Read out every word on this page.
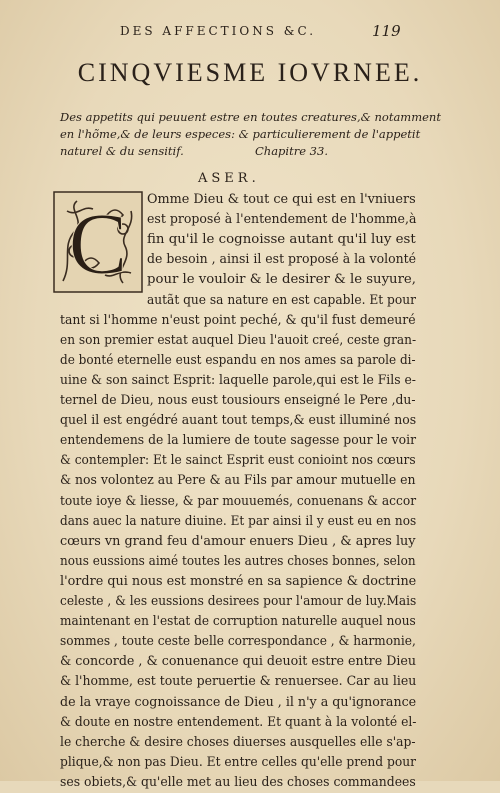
DES AFFECTIONS &C.	119
CINQVIESME IOVRNEE.
Des appetits qui peuuent estre en toutes creatures,& notamment
en l'hõme,& de leurs especes: & particulierement de l'appetit
naturel & du sensitif.	Chapitre 33.
ASER.
C Omme Dieu & tout ce qui est en l'vniuers
est proposé à l'entendement de l'homme,à
fin qu'il le cognoisse autant qu'il luy est
de besoin , ainsi il est proposé à la volonté
pour le vouloir & le desirer & le suyure,
autãt que sa nature en est capable. Et pour
tant si l'homme n'eust point peché, & qu'il fust demeuré
en son premier estat auquel Dieu l'auoit creé, ceste gran-
de bonté eternelle eust espandu en nos ames sa parole di-
uine & son sainct Esprit: laquelle parole,qui est le Fils e-
ternel de Dieu, nous eust tousiours enseigné le Pere ,du-
quel il est engédré auant tout temps,& eust illuminé nos
entendemens de la lumiere de toute sagesse pour le voir
& contempler: Et le sainct Esprit eust conioint nos cœurs
& nos volontez au Pere & au Fils par amour mutuelle en
toute ioye & liesse, & par mouuemés, conuenans & accor
dans auec la nature diuine. Et par ainsi il y eust eu en nos
cœurs vn grand feu d'amour enuers Dieu , & apres luy
nous eussions aimé toutes les autres choses bonnes, selon
l'ordre qui nous est monstré en sa sapience & doctrine
celeste , & les eussions desirees pour l'amour de luy.Mais
maintenant en l'estat de corruption naturelle auquel nous
sommes , toute ceste belle correspondance , & harmonie,
& concorde , & conuenance qui deuoit estre entre Dieu
& l'homme, est toute peruertie & renuersee. Car au lieu
de la vraye cognoissance de Dieu , il n'y a qu'ignorance
& doute en nostre entendement. Et quant à la volonté el-
le cherche & desire choses diuerses ausquelles elle s'ap-
plique,& non pas Dieu. Et entre celles qu'elle prend pour
ses obiets,& qu'elle met au lieu des choses commandees
